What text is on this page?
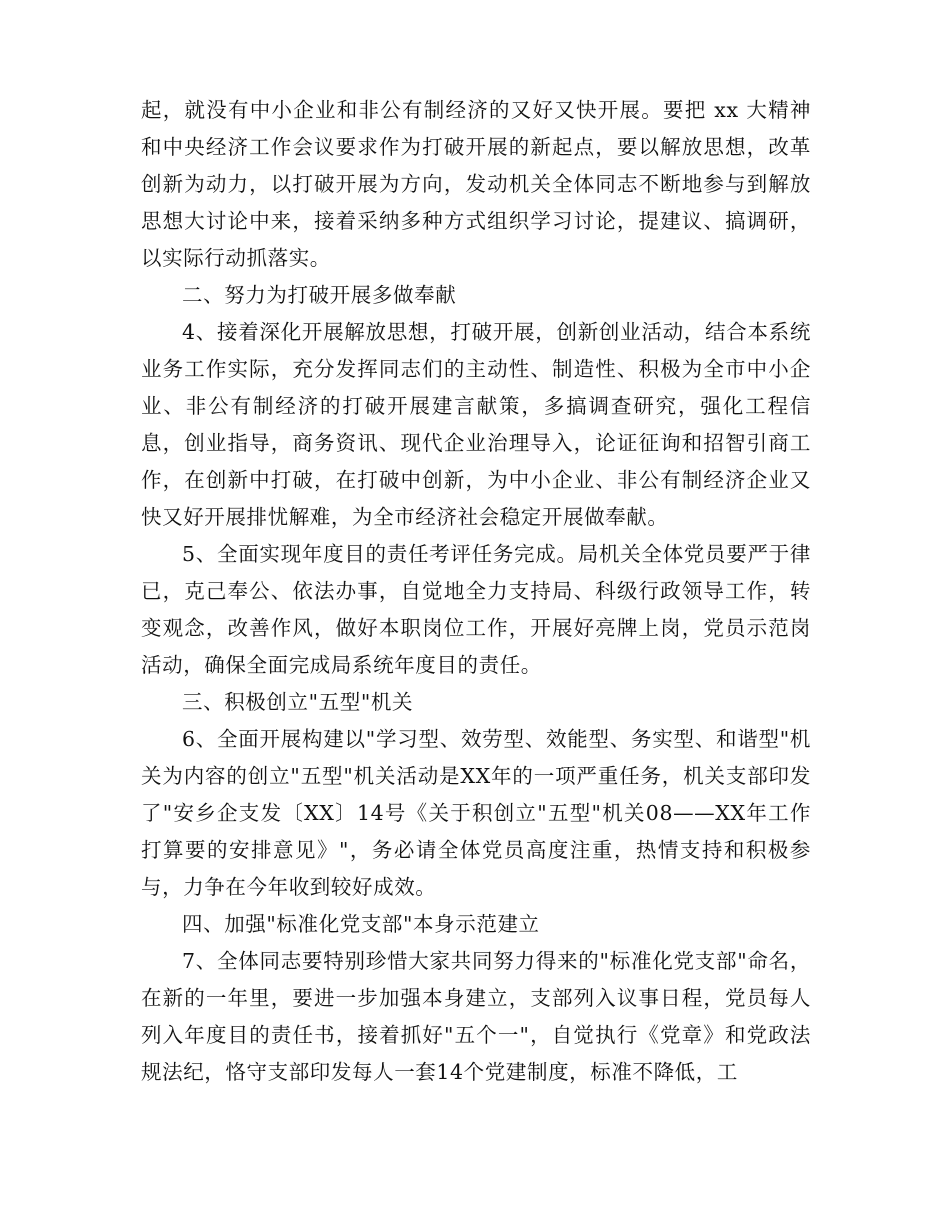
起，就没有中小企业和非公有制经济的又好又快开展。要把 xx 大精神和中央经济工作会议要求作为打破开展的新起点，要以解放思想，改革创新为动力，以打破开展为方向，发动机关全体同志不断地参与到解放思想大讨论中来，接着采纳多种方式组织学习讨论，提建议、搞调研，以实际行动抓落实。

二、努力为打破开展多做奉献

4、接着深化开展解放思想，打破开展，创新创业活动，结合本系统业务工作实际，充分发挥同志们的主动性、制造性、积极为全市中小企业、非公有制经济的打破开展建言献策，多搞调查研究，强化工程信息，创业指导，商务资讯、现代企业治理导入，论证征询和招智引商工作，在创新中打破，在打破中创新，为中小企业、非公有制经济企业又快又好开展排忧解难，为全市经济社会稳定开展做奉献。

5、全面实现年度目的责任考评任务完成。局机关全体党员要严于律已，克己奉公、依法办事，自觉地全力支持局、科级行政领导工作，转变观念，改善作风，做好本职岗位工作，开展好亮牌上岗，党员示范岗活动，确保全面完成局系统年度目的责任。

三、积极创立"五型"机关

6、全面开展构建以"学习型、效劳型、效能型、务实型、和谐型"机关为内容的创立"五型"机关活动是XX年的一项严重任务，机关支部印发了"安乡企支发〔XX〕14号《关于积创立"五型"机关08——XX年工作打算要的安排意见》"，务必请全体党员高度注重，热情支持和积极参与，力争在今年收到较好成效。

四、加强"标准化党支部"本身示范建立

7、全体同志要特别珍惜大家共同努力得来的"标准化党支部"命名，在新的一年里，要进一步加强本身建立，支部列入议事日程，党员每人列入年度目的责任书，接着抓好"五个一"，自觉执行《党章》和党政法规法纪，恪守支部印发每人一套14个党建制度，标准不降低，工
